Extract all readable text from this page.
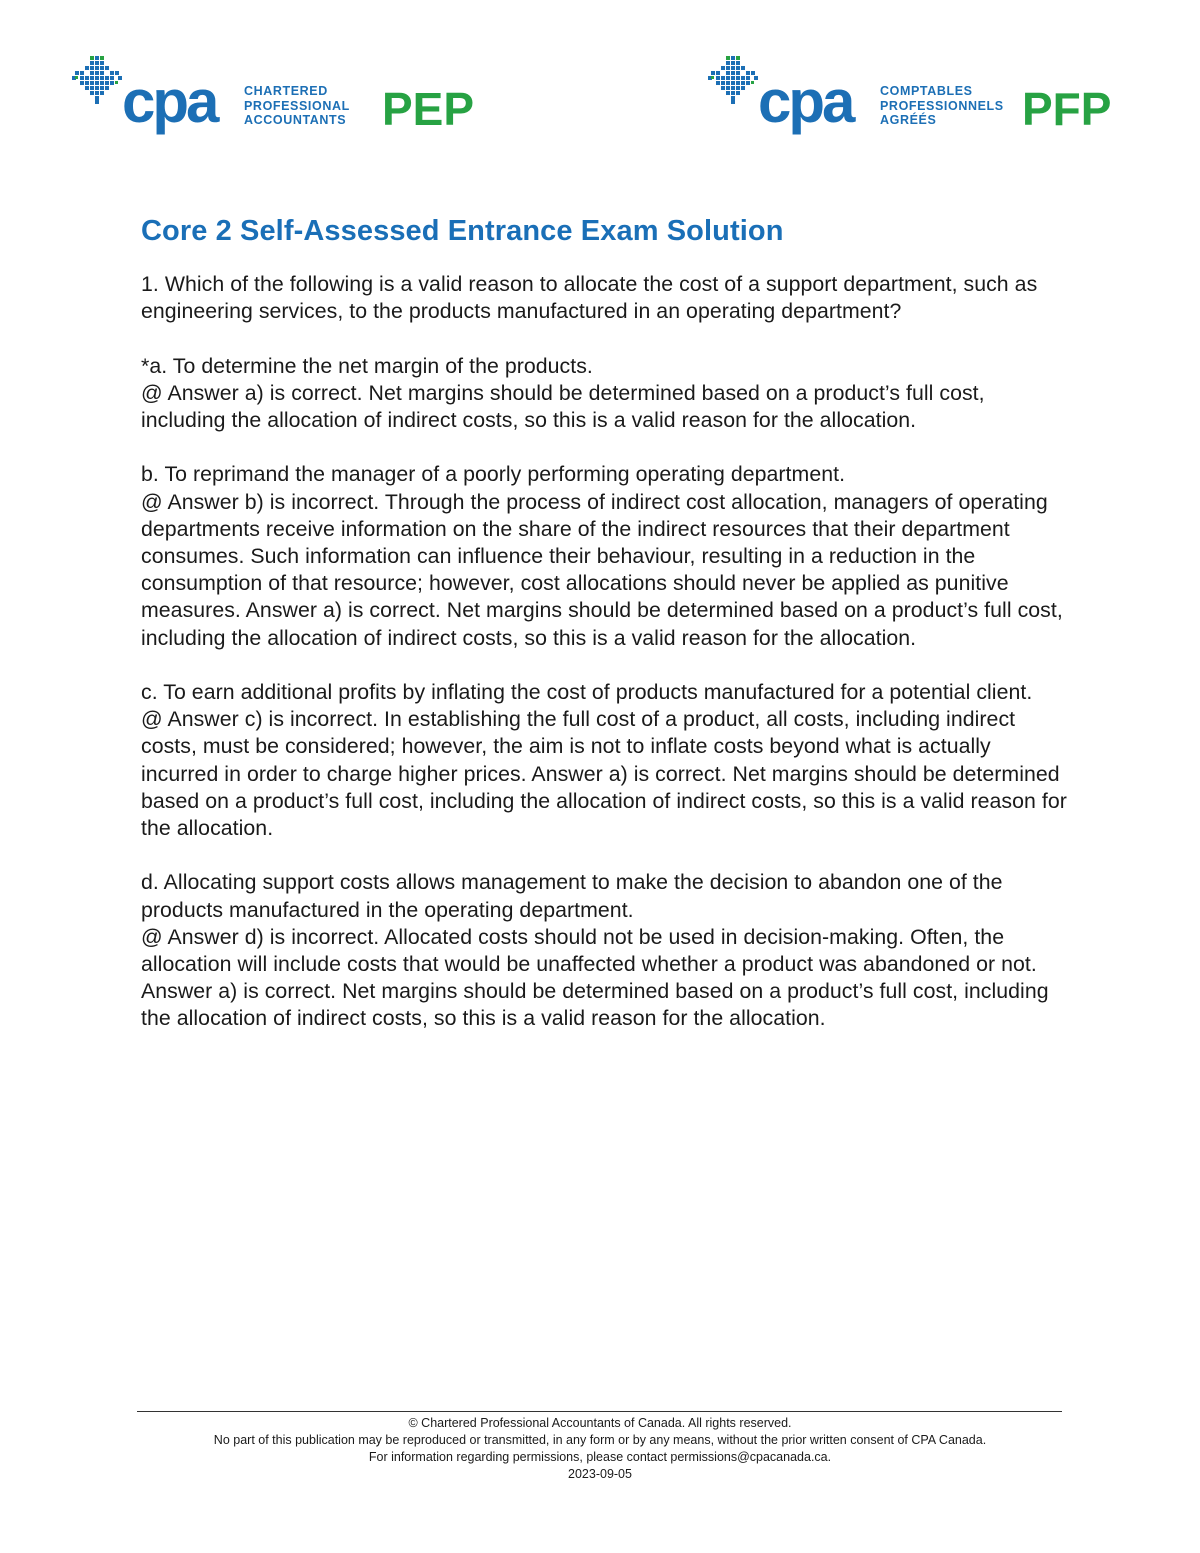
cpa CHARTERED
PROFESSIONAL
ACCOUNTANTS PEP	cpa COMPTABLES
PROFESSIONNELS
AGRÉÉS	PFP
Core 2 Self-Assessed Entrance Exam Solution

1. Which of the following is a valid reason to allocate the cost of a support department, such as engineering services, to the products manufactured in an operating department?

*a. To determine the net margin of the products.

@ Answer a) is correct. Net margins should be determined based on a product’s full cost, including the allocation of indirect costs, so this is a valid reason for the allocation.

b. To reprimand the manager of a poorly performing operating department.

@ Answer b) is incorrect. Through the process of indirect cost allocation, managers of operating departments receive information on the share of the indirect resources that their department consumes. Such information can influence their behaviour, resulting in a reduction in the consumption of that resource; however, cost allocations should never be applied as punitive measures. Answer a) is correct. Net margins should be determined based on a product’s full cost, including the allocation of indirect costs, so this is a valid reason for the allocation.

c. To earn additional profits by inflating the cost of products manufactured for a potential client.

@ Answer c) is incorrect. In establishing the full cost of a product, all costs, including indirect costs, must be considered; however, the aim is not to inflate costs beyond what is actually incurred in order to charge higher prices. Answer a) is correct. Net margins should be determined based on a product’s full cost, including the allocation of indirect costs, so this is a valid reason for the allocation.

d. Allocating support costs allows management to make the decision to abandon one of the products manufactured in the operating department.

@ Answer d) is incorrect. Allocated costs should not be used in decision-making. Often, the allocation will include costs that would be unaffected whether a product was abandoned or not. Answer a) is correct. Net margins should be determined based on a product’s full cost, including the allocation of indirect costs, so this is a valid reason for the allocation.

© Chartered Professional Accountants of Canada. All rights reserved.
No part of this publication may be reproduced or transmitted, in any form or by any means, without the prior written consent of CPA Canada.
For information regarding permissions, please contact permissions@cpacanada.ca.
2023-09-05
